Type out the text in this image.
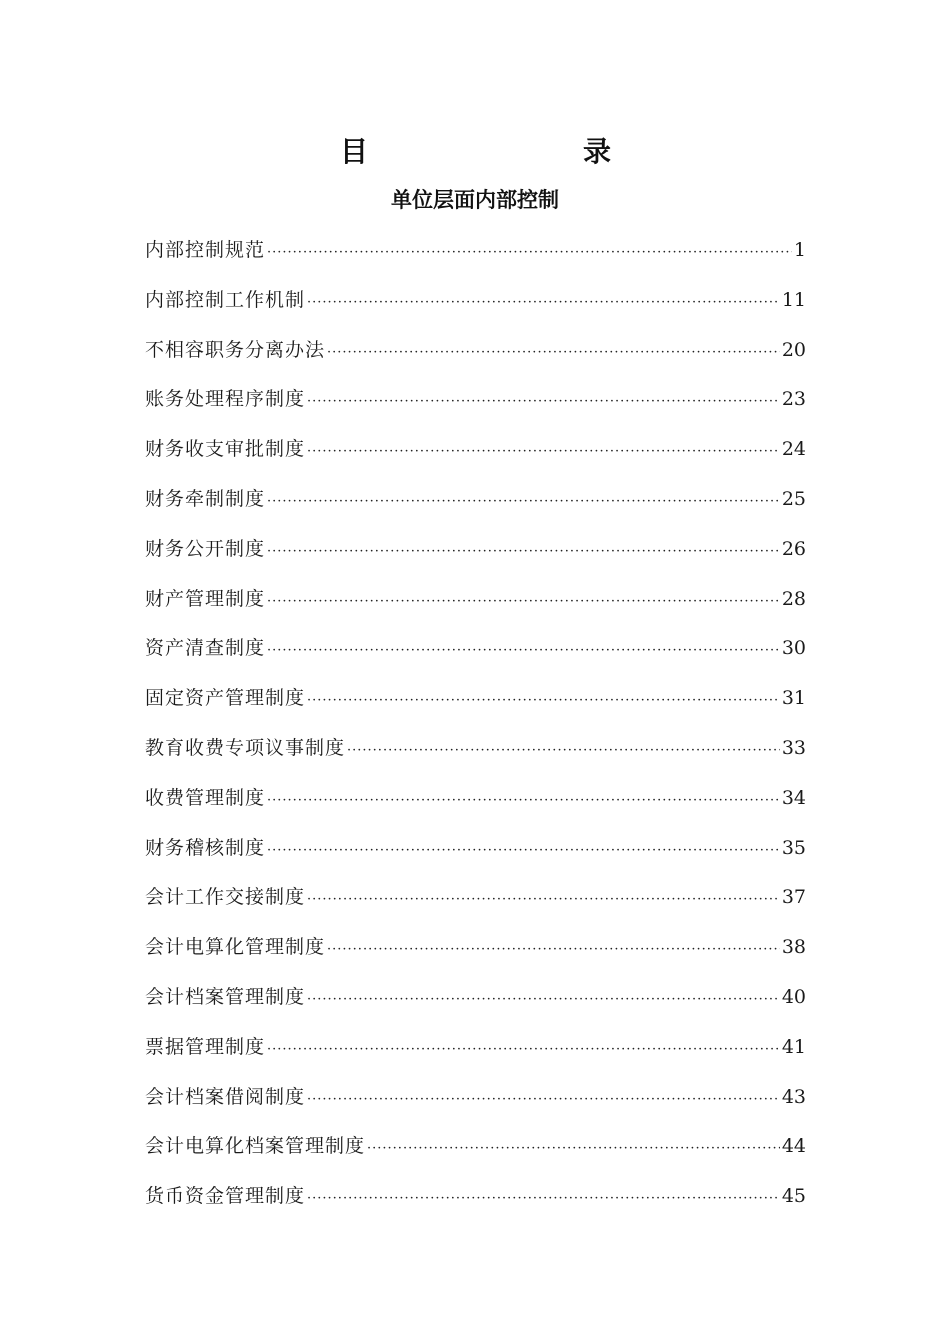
目	录
单位层面内部控制
内部控制规范 ·····	1
内部控制工作机制 ·····	11
不相容职务分离办法 ·····	20
账务处理程序制度 ·····	23
财务收支审批制度 ·····	24
财务牵制制度 ·····	25
财务公开制度 ·····	26
财产管理制度 ·····	28
资产清查制度 ·····	30
固定资产管理制度 ·····	31
教育收费专项议事制度 ·····	33
收费管理制度 ·····	34
财务稽核制度 ·····	35
会计工作交接制度 ·····	37
会计电算化管理制度 ·····	38
会计档案管理制度 ·····	40
票据管理制度 ·····	41
会计档案借阅制度 ·····	43
会计电算化档案管理制度 ·····	44
货币资金管理制度 ·····	45
